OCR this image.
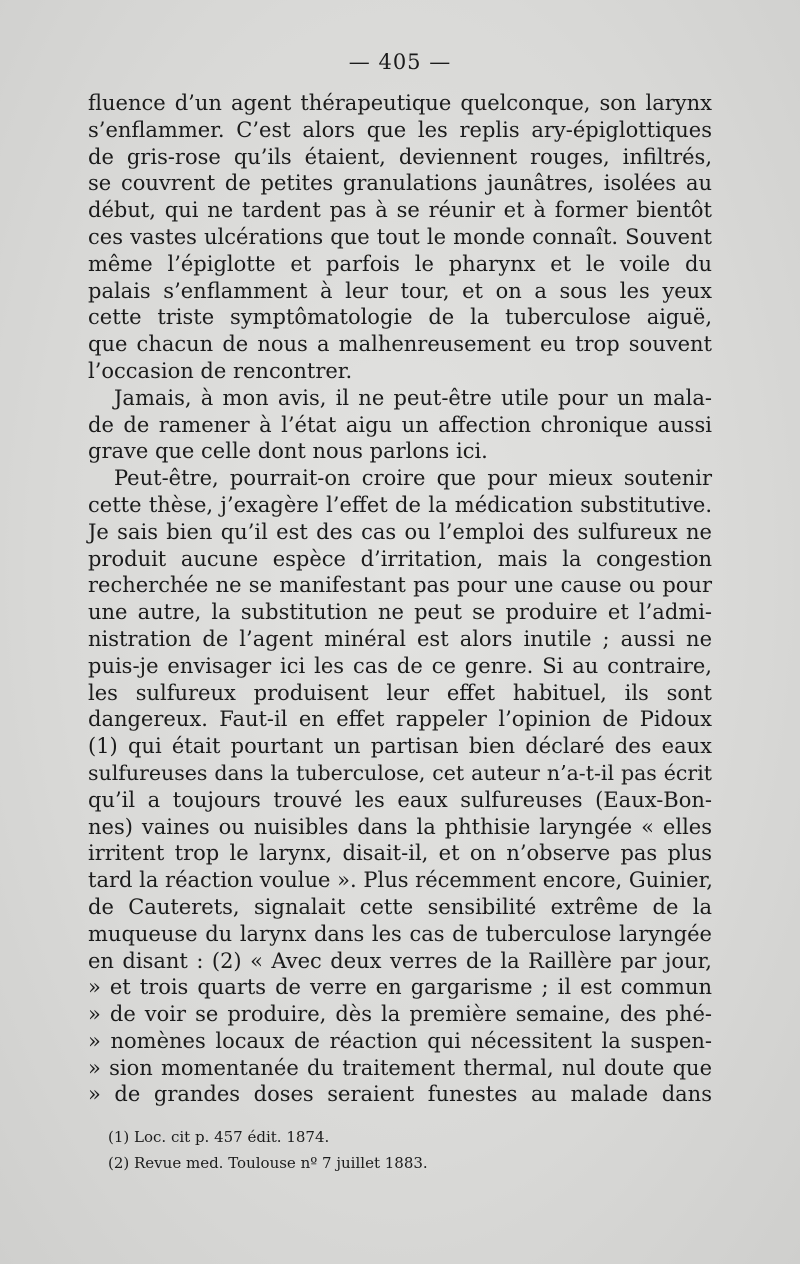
— 405 —
fluence d’un agent thérapeutique quelconque, son larynx
s’enflammer. C’est alors que les replis ary-épiglottiques
de gris-rose qu’ils étaient, deviennent rouges, infiltrés,
se couvrent de petites granulations jaunâtres, isolées au
début, qui ne tardent pas à se réunir et à former bientôt
ces vastes ulcérations que tout le monde connaît. Souvent
même l’épiglotte et parfois le pharynx et le voile du
palais s’enflamment à leur tour, et on a sous les yeux
cette triste symptômatologie de la tuberculose aiguë,
que chacun de nous a malhenreusement eu trop souvent
l’occasion de rencontrer.
Jamais, à mon avis, il ne peut-être utile pour un mala-
de de ramener à l’état aigu un affection chronique aussi
grave que celle dont nous parlons ici.
Peut-être, pourrait-on croire que pour mieux soutenir
cette thèse, j’exagère l’effet de la médication substitutive.
Je sais bien qu’il est des cas ou l’emploi des sulfureux ne
produit aucune espèce d’irritation, mais la congestion
recherchée ne se manifestant pas pour une cause ou pour
une autre, la substitution ne peut se produire et l’admi-
nistration de l’agent minéral est alors inutile ; aussi ne
puis-je envisager ici les cas de ce genre. Si au contraire,
les sulfureux produisent leur effet habituel, ils sont
dangereux. Faut-il en effet rappeler l’opinion de Pidoux
(1) qui était pourtant un partisan bien déclaré des eaux
sulfureuses dans la tuberculose, cet auteur n’a-t-il pas écrit
qu’il a toujours trouvé les eaux sulfureuses (Eaux-Bon-
nes) vaines ou nuisibles dans la phthisie laryngée « elles
irritent trop le larynx, disait-il, et on n’observe pas plus
tard la réaction voulue ». Plus récemment encore, Guinier,
de Cauterets, signalait cette sensibilité extrême de la
muqueuse du larynx dans les cas de tuberculose laryngée
en disant : (2) « Avec deux verres de la Raillère par jour,
» et trois quarts de verre en gargarisme ; il est commun
» de voir se produire, dès la première semaine, des phé-
» nomènes locaux de réaction qui nécessitent la suspen-
» sion momentanée du traitement thermal, nul doute que
» de grandes doses seraient funestes au malade dans
(1) Loc. cit p. 457 édit. 1874.
(2) Revue med. Toulouse nº 7 juillet 1883.
